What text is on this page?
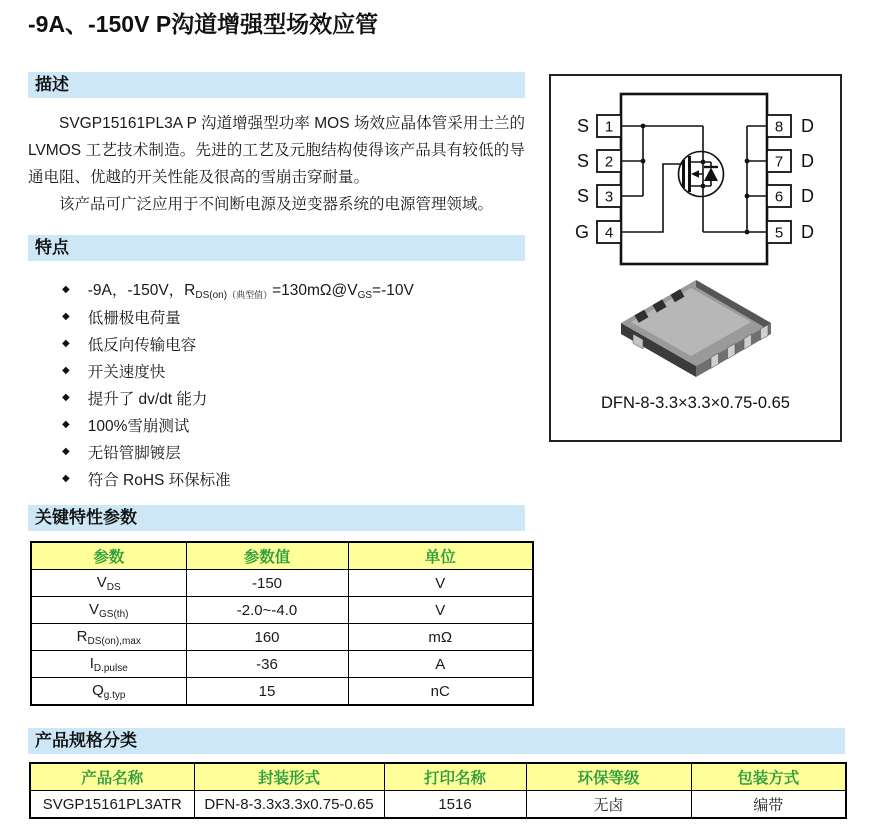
-9A、-150V P沟道增强型场效应管
描述

SVGP15161PL3A P 沟道增强型功率 MOS 场效应晶体管采用士兰的 LVMOS 工艺技术制造。先进的工艺及元胞结构使得该产品具有较低的导通电阻、优越的开关性能及很高的雪崩击穿耐量。

该产品可广泛应用于不间断电源及逆变器系统的电源管理领域。

特点
◆ -9A，-150V，$R_{DS(on)(典型值)}=130m\Omega@V_{GS}=-10V$
◆ 低栅极电荷量
◆ 低反向传输电容
◆ 开关速度快
◆ 提升了 dv/dt 能力
◆ 100%雪崩测试
◆ 无铅管脚镀层
◆ 符合 RoHS 环保标准
1
2
3
4
S
S
S
G
8
7
6
5
D
D
D
D
DFN-8-3.3×3.3×0.75-0.65
关键特性参数
参数	参数值	单位
$V_{DS}$	-150	V
$V_{GS(th)}$	-2.0~-4.0	V
$R_{DS(on),max}$	160	mΩ
$I_{D.pulse}$	-36	A
$Q_{g.typ}$	15	nC
产品规格分类
产品名称	封装形式	打印名称	环保等级	包装方式
SVGP15161PL3ATR	DFN-8-3.3x3.3x0.75-0.65	1516	无卤	编带
